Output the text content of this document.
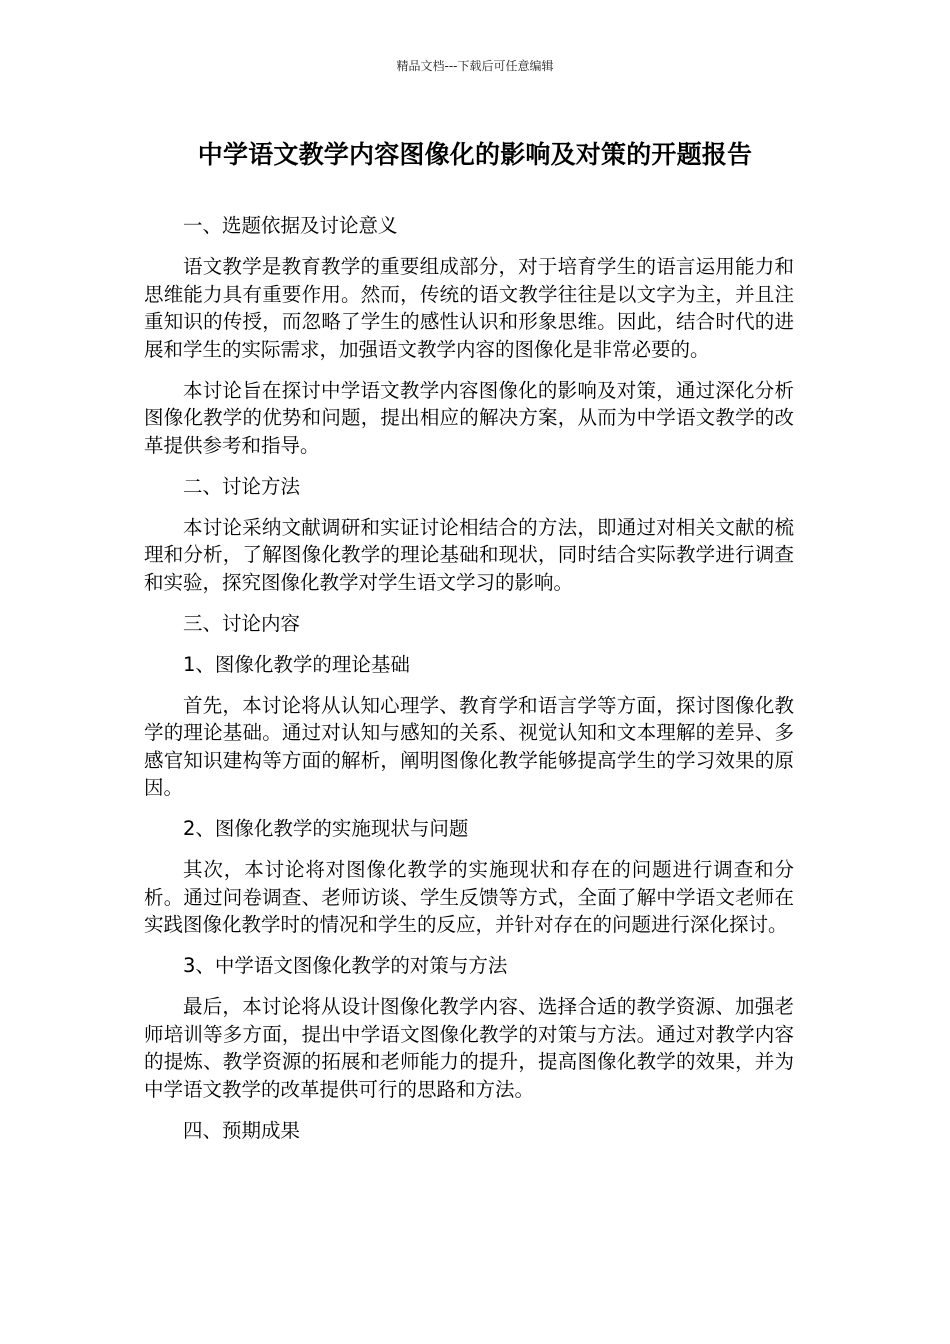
精品文档---下载后可任意编辑
中学语文教学内容图像化的影响及对策的开题报告

一、选题依据及讨论意义

语文教学是教育教学的重要组成部分，对于培育学生的语言运用能力和思维能力具有重要作用。然而，传统的语文教学往往是以文字为主，并且注重知识的传授，而忽略了学生的感性认识和形象思维。因此，结合时代的进展和学生的实际需求，加强语文教学内容的图像化是非常必要的。

本讨论旨在探讨中学语文教学内容图像化的影响及对策，通过深化分析图像化教学的优势和问题，提出相应的解决方案，从而为中学语文教学的改革提供参考和指导。

二、讨论方法

本讨论采纳文献调研和实证讨论相结合的方法，即通过对相关文献的梳理和分析，了解图像化教学的理论基础和现状，同时结合实际教学进行调查和实验，探究图像化教学对学生语文学习的影响。

三、讨论内容

1、图像化教学的理论基础

首先，本讨论将从认知心理学、教育学和语言学等方面，探讨图像化教学的理论基础。通过对认知与感知的关系、视觉认知和文本理解的差异、多感官知识建构等方面的解析，阐明图像化教学能够提高学生的学习效果的原因。

2、图像化教学的实施现状与问题

其次，本讨论将对图像化教学的实施现状和存在的问题进行调查和分析。通过问卷调查、老师访谈、学生反馈等方式，全面了解中学语文老师在实践图像化教学时的情况和学生的反应，并针对存在的问题进行深化探讨。

3、中学语文图像化教学的对策与方法

最后，本讨论将从设计图像化教学内容、选择合适的教学资源、加强老师培训等多方面，提出中学语文图像化教学的对策与方法。通过对教学内容的提炼、教学资源的拓展和老师能力的提升，提高图像化教学的效果，并为中学语文教学的改革提供可行的思路和方法。

四、预期成果
